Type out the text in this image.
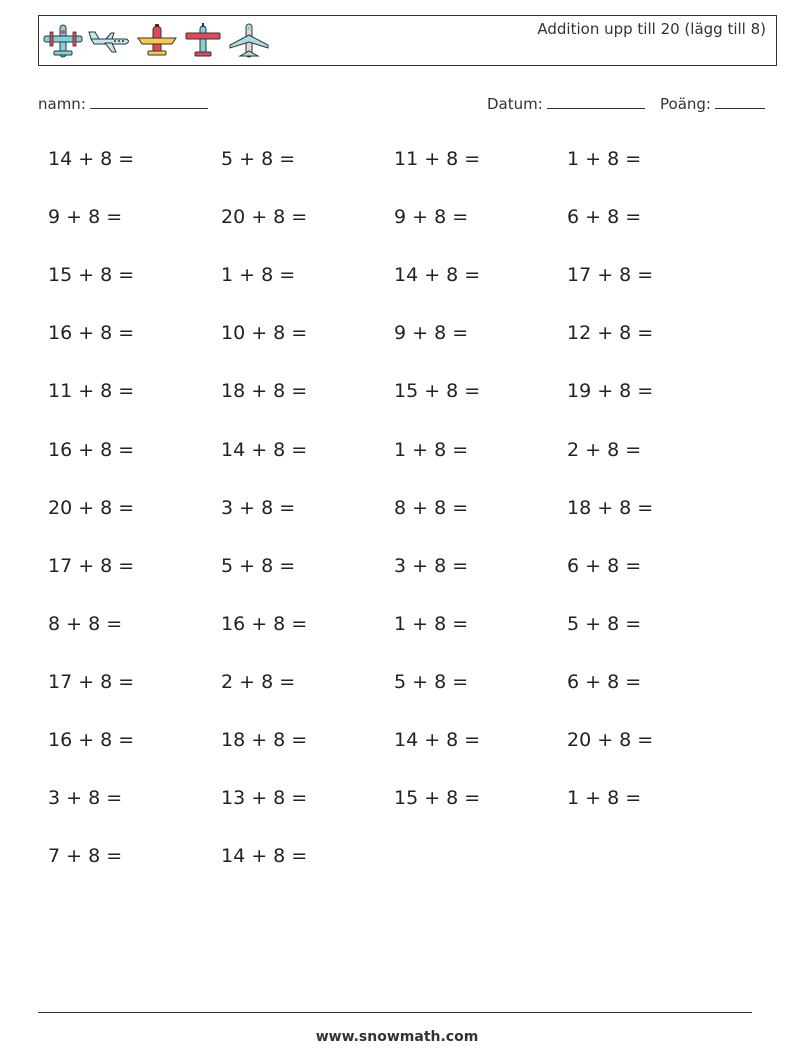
Addition upp till 20 (lägg till 8)
namn:	Datum:	Poäng:
14 + 8 =	5 + 8 =	11 + 8 =	1 + 8 =
9 + 8 =	20 + 8 =	9 + 8 =	6 + 8 =
15 + 8 =	1 + 8 =	14 + 8 =	17 + 8 =
16 + 8 =	10 + 8 =	9 + 8 =	12 + 8 =
11 + 8 =	18 + 8 =	15 + 8 =	19 + 8 =
16 + 8 =	14 + 8 =	1 + 8 =	2 + 8 =
20 + 8 =	3 + 8 =	8 + 8 =	18 + 8 =
17 + 8 =	5 + 8 =	3 + 8 =	6 + 8 =
8 + 8 =	16 + 8 =	1 + 8 =	5 + 8 =
17 + 8 =	2 + 8 =	5 + 8 =	6 + 8 =
16 + 8 =	18 + 8 =	14 + 8 =	20 + 8 =
3 + 8 =	13 + 8 =	15 + 8 =	1 + 8 =
7 + 8 =	14 + 8 =
www.snowmath.com
